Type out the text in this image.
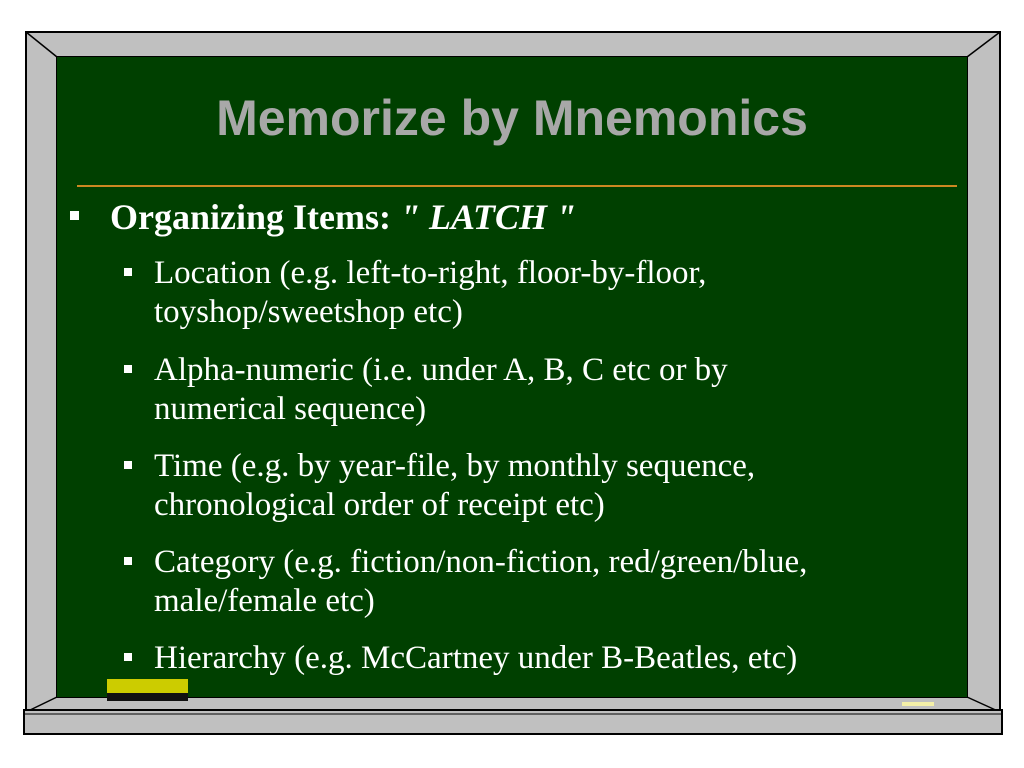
Memorize by Mnemonics
Organizing Items: " LATCH "
Location (e.g. left-to-right, floor-by-floor,
toyshop/sweetshop etc)
Alpha-numeric (i.e. under A, B, C etc or by
numerical sequence)
Time (e.g. by year-file, by monthly sequence,
chronological order of receipt etc)
Category (e.g. fiction/non-fiction, red/green/blue,
male/female etc)
Hierarchy (e.g. McCartney under B-Beatles, etc)
